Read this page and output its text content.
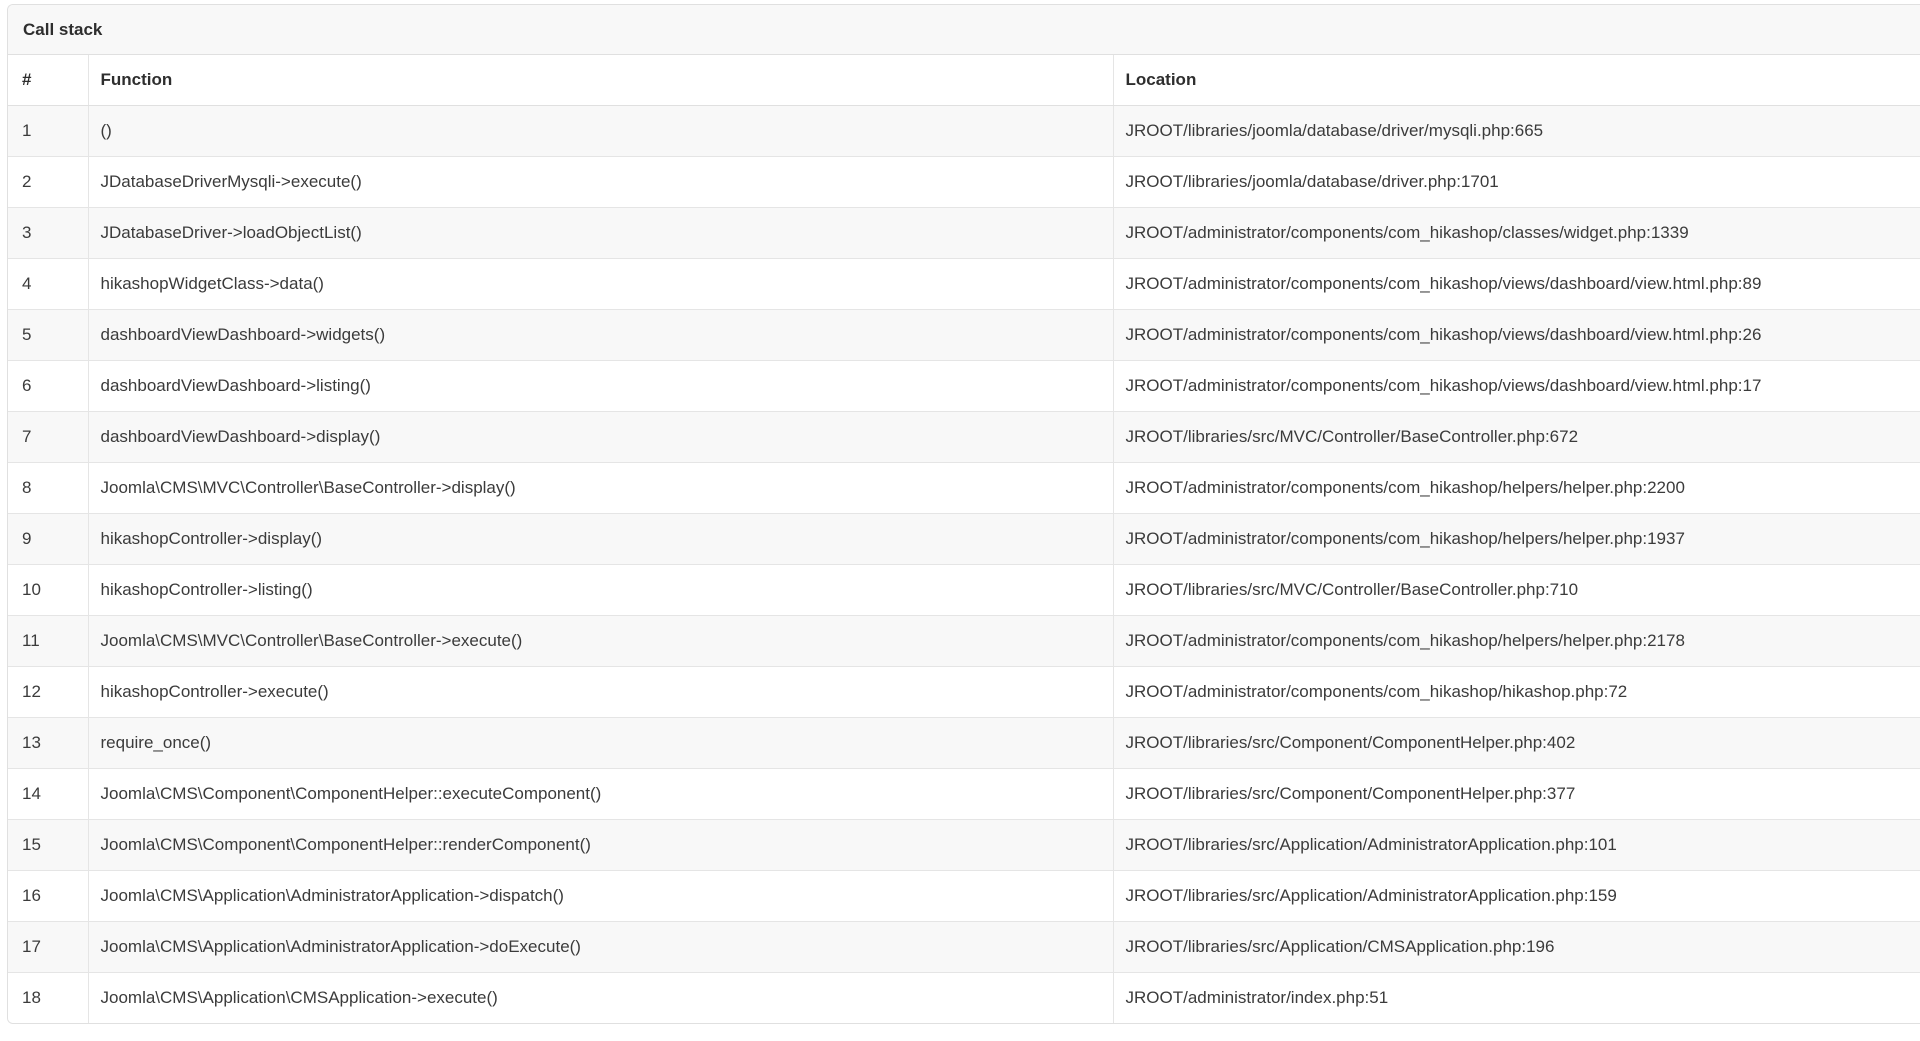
Call stack
#	Function	Location
1	()	JROOT/libraries/joomla/database/driver/mysqli.php:665
2	JDatabaseDriverMysqli->execute()	JROOT/libraries/joomla/database/driver.php:1701
3	JDatabaseDriver->loadObjectList()	JROOT/administrator/components/com_hikashop/classes/widget.php:1339
4	hikashopWidgetClass->data()	JROOT/administrator/components/com_hikashop/views/dashboard/view.html.php:89
5	dashboardViewDashboard->widgets()	JROOT/administrator/components/com_hikashop/views/dashboard/view.html.php:26
6	dashboardViewDashboard->listing()	JROOT/administrator/components/com_hikashop/views/dashboard/view.html.php:17
7	dashboardViewDashboard->display()	JROOT/libraries/src/MVC/Controller/BaseController.php:672
8	Joomla\CMS\MVC\Controller\BaseController->display()	JROOT/administrator/components/com_hikashop/helpers/helper.php:2200
9	hikashopController->display()	JROOT/administrator/components/com_hikashop/helpers/helper.php:1937
10	hikashopController->listing()	JROOT/libraries/src/MVC/Controller/BaseController.php:710
11	Joomla\CMS\MVC\Controller\BaseController->execute()	JROOT/administrator/components/com_hikashop/helpers/helper.php:2178
12	hikashopController->execute()	JROOT/administrator/components/com_hikashop/hikashop.php:72
13	require_once()	JROOT/libraries/src/Component/ComponentHelper.php:402
14	Joomla\CMS\Component\ComponentHelper::executeComponent()	JROOT/libraries/src/Component/ComponentHelper.php:377
15	Joomla\CMS\Component\ComponentHelper::renderComponent()	JROOT/libraries/src/Application/AdministratorApplication.php:101
16	Joomla\CMS\Application\AdministratorApplication->dispatch()	JROOT/libraries/src/Application/AdministratorApplication.php:159
17	Joomla\CMS\Application\AdministratorApplication->doExecute()	JROOT/libraries/src/Application/CMSApplication.php:196
18	Joomla\CMS\Application\CMSApplication->execute()	JROOT/administrator/index.php:51
